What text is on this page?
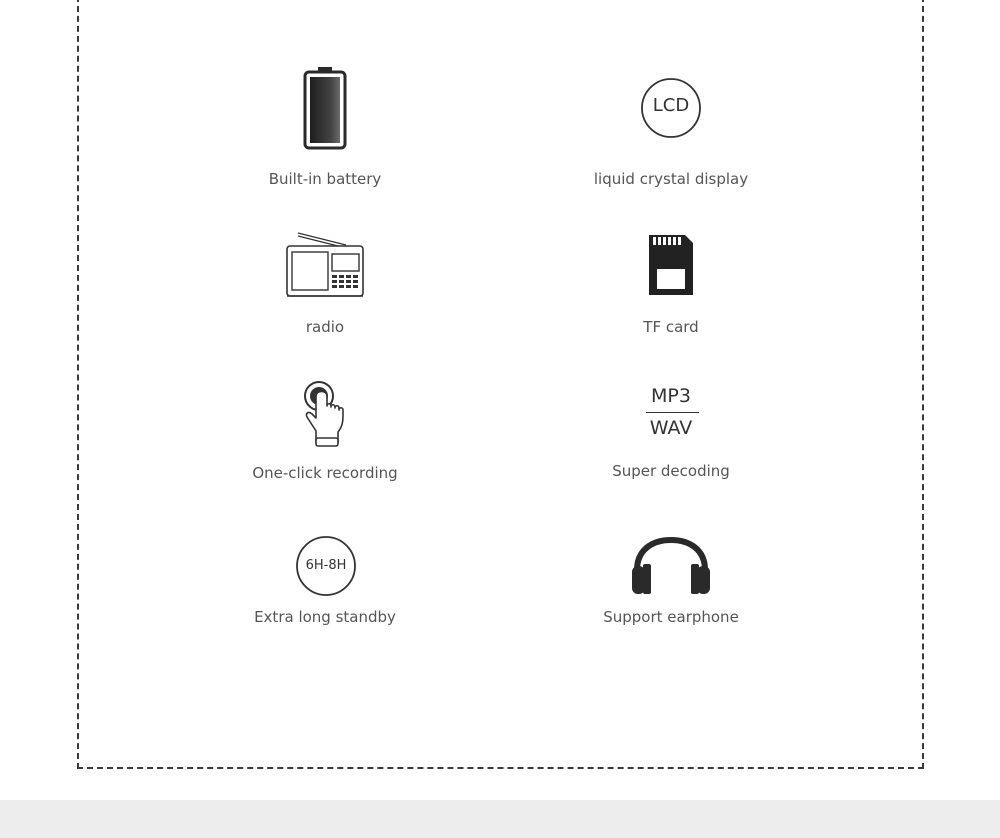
Built-in battery
LCD
liquid crystal display
radio	TF card
One-click recording
MP3
WAV
Super decoding
6H-8H
Extra long standby	Support earphone
